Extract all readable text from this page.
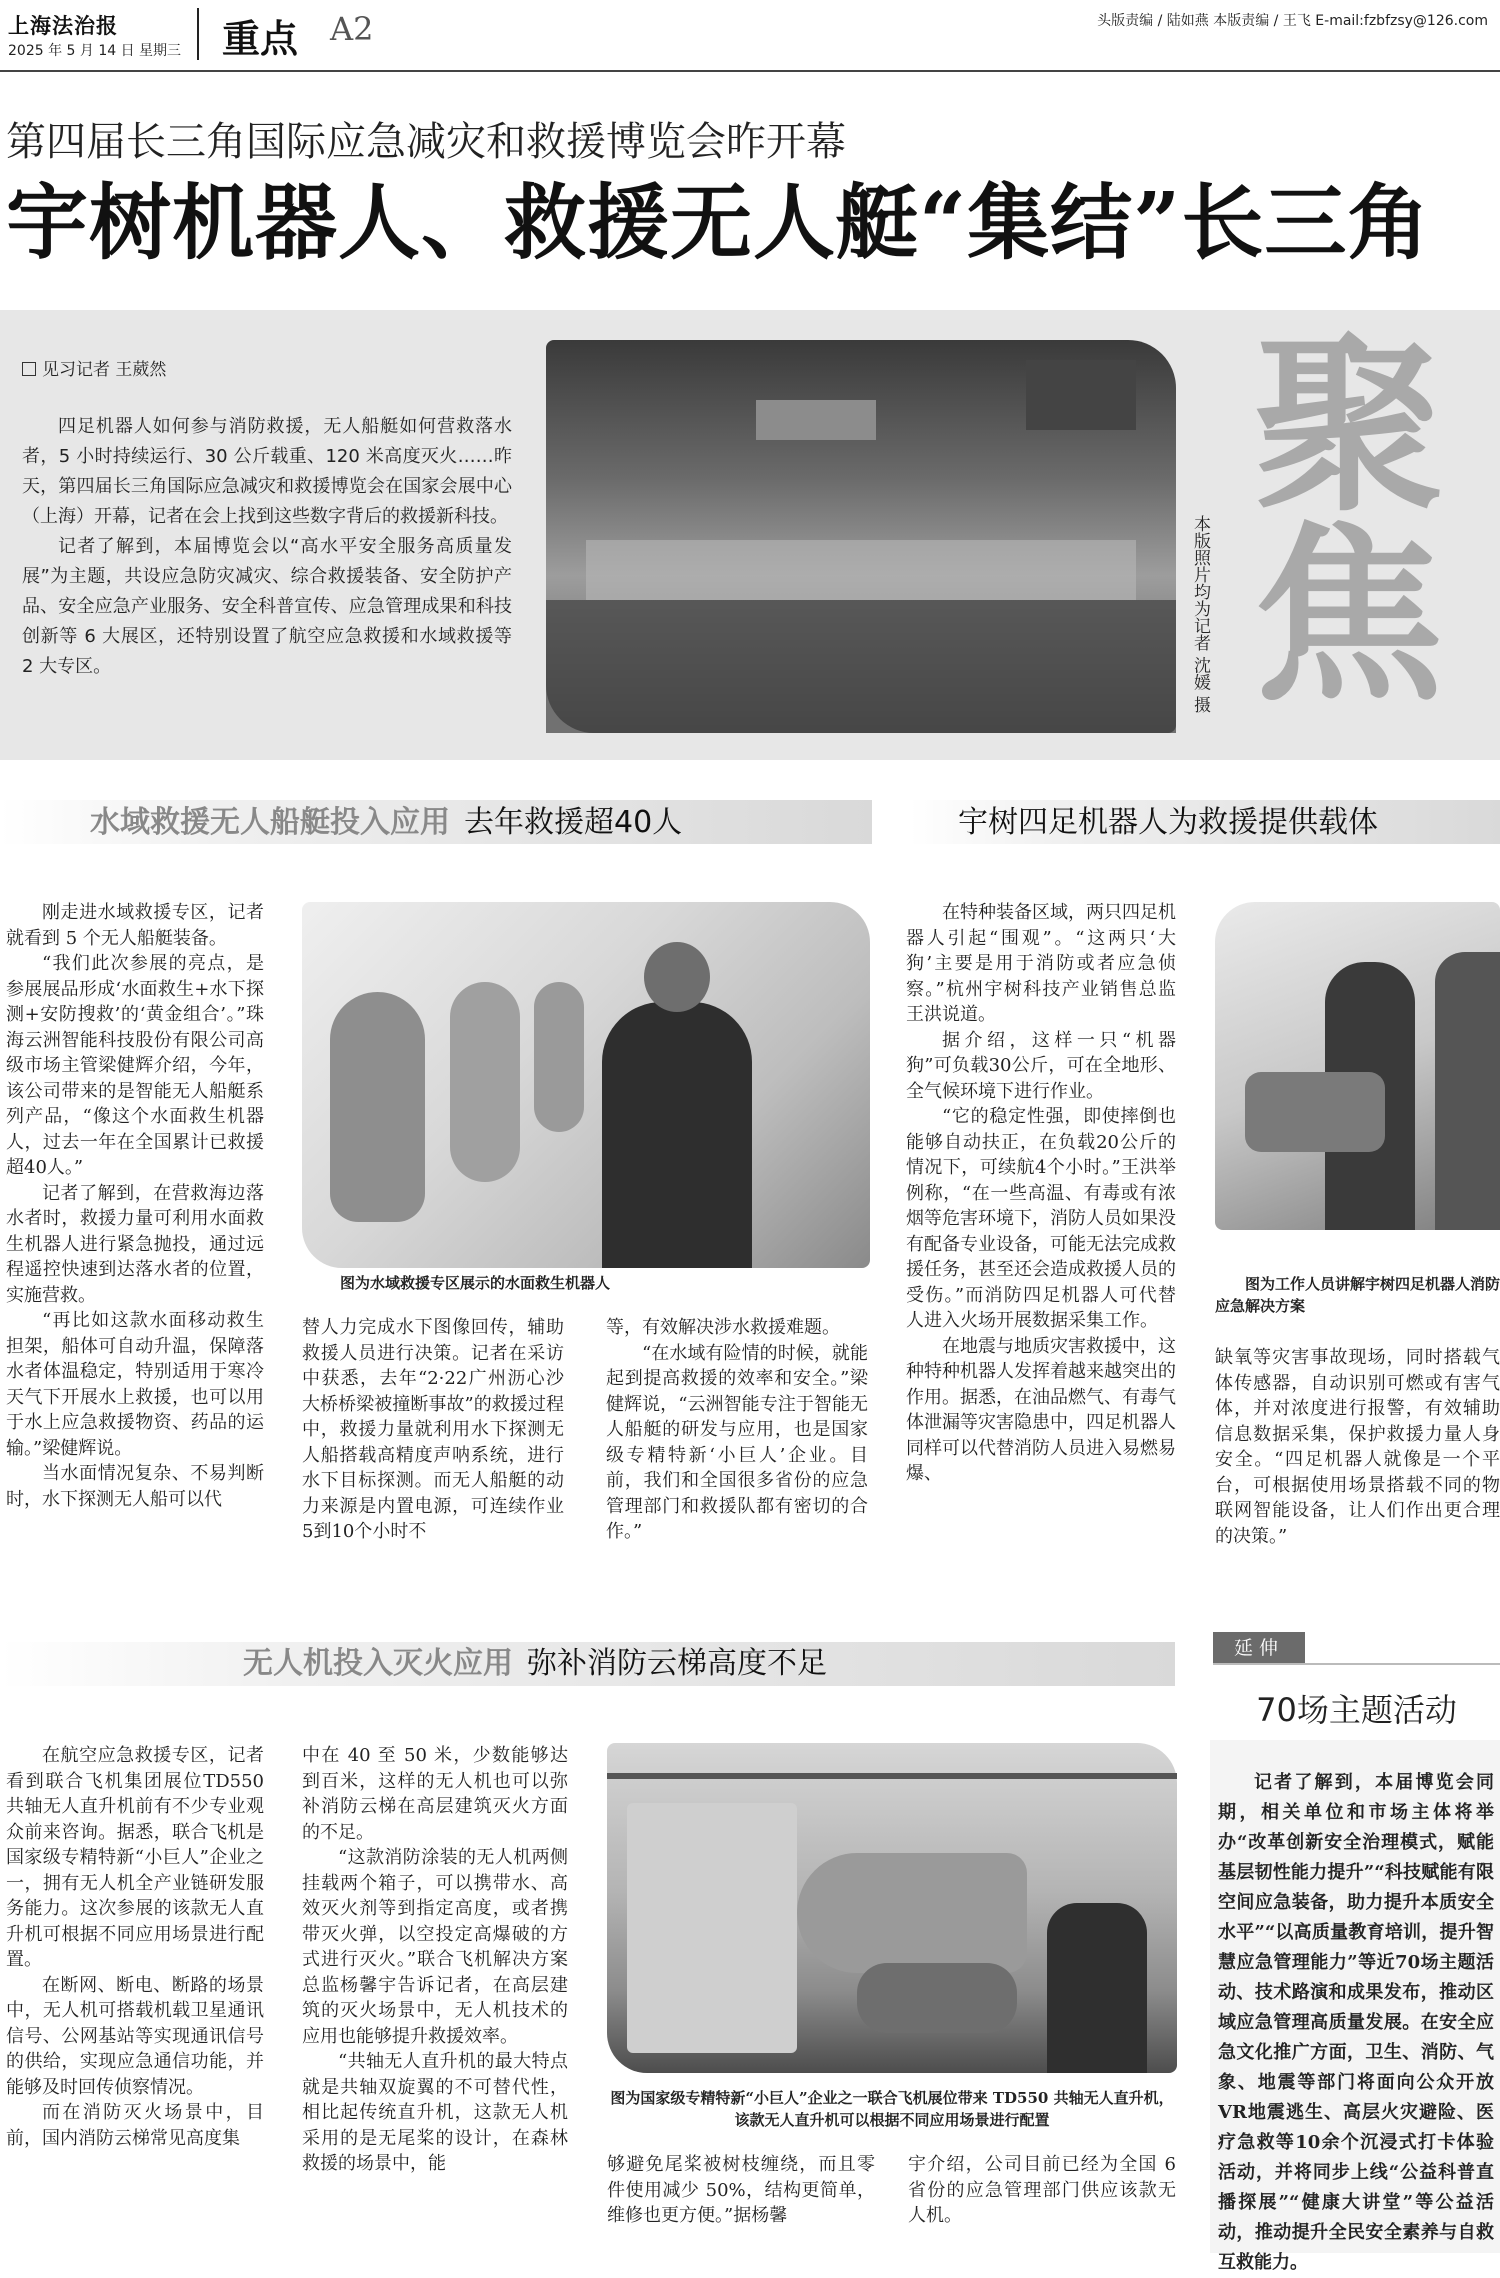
上海法治报
2025 年 5 月 14 日 星期三 重点 A2	头版责编 / 陆如燕 本版责编 / 王飞 E-mail:fzbfzsy@126.com
第四届长三角国际应急减灾和救援博览会昨开幕
宇树机器人、救援无人艇“集结”长三角
见习记者 王葳然

四足机器人如何参与消防救援，无人船艇如何营救落水者，5 小时持续运行、30 公斤载重、120 米高度灭火……昨天，第四届长三角国际应急减灾和救援博览会在国家会展中心（上海）开幕，记者在会上找到这些数字背后的救援新科技。

记者了解到，本届博览会以“高水平安全服务高质量发展”为主题，共设应急防灾减灾、综合救援装备、安全防护产品、安全应急产业服务、安全科普宣传、应急管理成果和科技创新等 6 大展区，还特别设置了航空应急救援和水域救援等 2 大专区。	本版照片均为记者 沈媛 摄 聚焦
水域救援无人船艇投入应用 去年救援超40人	宇树四足机器人为救援提供载体

刚走进水域救援专区，记者就看到 5 个无人船艇装备。

“我们此次参展的亮点，是参展展品形成‘水面救生+水下探测+安防搜救’的‘黄金组合’。”珠海云洲智能科技股份有限公司高级市场主管梁健辉介绍，今年，该公司带来的是智能无人船艇系列产品，“像这个水面救生机器人，过去一年在全国累计已救援超40人。”

记者了解到，在营救海边落水者时，救援力量可利用水面救生机器人进行紧急抛投，通过远程遥控快速到达落水者的位置，实施营救。

“再比如这款水面移动救生担架，船体可自动升温，保障落水者体温稳定，特别适用于寒冷天气下开展水上救援，也可以用于水上应急救援物资、药品的运输。”梁健辉说。

当水面情况复杂、不易判断时，水下探测无人船可以代

图为水域救援专区展示的水面救生机器人

替人力完成水下图像回传，辅助救援人员进行决策。记者在采访中获悉，去年“2·22广州沥心沙大桥桥梁被撞断事故”的救援过程中，救援力量就利用水下探测无人船搭载高精度声呐系统，进行水下目标探测。而无人船艇的动力来源是内置电源，可连续作业5到10个小时不

等，有效解决涉水救援难题。

“在水域有险情的时候，就能起到提高救援的效率和安全。”梁健辉说，“云洲智能专注于智能无人船艇的研发与应用，也是国家级专精特新‘小巨人’企业。目前，我们和全国很多省份的应急管理部门和救援队都有密切的合作。”

在特种装备区域，两只四足机器人引起“围观”。“这两只‘大狗’主要是用于消防或者应急侦察。”杭州宇树科技产业销售总监王洪说道。

据介绍，这样一只“机器狗”可负载30公斤，可在全地形、全气候环境下进行作业。

“它的稳定性强，即使摔倒也能够自动扶正，在负载20公斤的情况下，可续航4个小时。”王洪举例称，“在一些高温、有毒或有浓烟等危害环境下，消防人员如果没有配备专业设备，可能无法完成救援任务，甚至还会造成救援人员的受伤。”而消防四足机器人可代替人进入火场开展数据采集工作。

在地震与地质灾害救援中，这种特种机器人发挥着越来越突出的作用。据悉，在油品燃气、有毒气体泄漏等灾害隐患中，四足机器人同样可以代替消防人员进入易燃易爆、

图为工作人员讲解宇树四足机器人消防应急解决方案

缺氧等灾害事故现场，同时搭载气体传感器，自动识别可燃或有害气体，并对浓度进行报警，有效辅助信息数据采集，保护救援力量人身安全。“四足机器人就像是一个平台，可根据使用场景搭载不同的物联网智能设备，让人们作出更合理的决策。”

无人机投入灭火应用 弥补消防云梯高度不足

在航空应急救援专区，记者看到联合飞机集团展位TD550共轴无人直升机前有不少专业观众前来咨询。据悉，联合飞机是国家级专精特新“小巨人”企业之一，拥有无人机全产业链研发服务能力。这次参展的该款无人直升机可根据不同应用场景进行配置。

在断网、断电、断路的场景中，无人机可搭载机载卫星通讯信号、公网基站等实现通讯信号的供给，实现应急通信功能，并能够及时回传侦察情况。

而在消防灭火场景中，目前，国内消防云梯常见高度集

中在 40 至 50 米，少数能够达到百米，这样的无人机也可以弥补消防云梯在高层建筑灭火方面的不足。

“这款消防涂装的无人机两侧挂载两个箱子，可以携带水、高效灭火剂等到指定高度，或者携带灭火弹，以空投定高爆破的方式进行灭火。”联合飞机解决方案总监杨馨宇告诉记者，在高层建筑的灭火场景中，无人机技术的应用也能够提升救援效率。

“共轴无人直升机的最大特点就是共轴双旋翼的不可替代性，相比起传统直升机，这款无人机采用的是无尾桨的设计，在森林救援的场景中，能

图为国家级专精特新“小巨人”企业之一联合飞机展位带来 TD550 共轴无人直升机，该款无人直升机可以根据不同应用场景进行配置

够避免尾桨被树枝缠绕，而且零件使用减少 50%，结构更简单，维修也更方便。”据杨馨

宇介绍，公司目前已经为全国 6 省份的应急管理部门供应该款无人机。

延伸
70场主题活动

记者了解到，本届博览会同期，相关单位和市场主体将举办“改革创新安全治理模式，赋能基层韧性能力提升”“科技赋能有限空间应急装备，助力提升本质安全水平”“以高质量教育培训，提升智慧应急管理能力”等近70场主题活动、技术路演和成果发布，推动区域应急管理高质量发展。在安全应急文化推广方面，卫生、消防、气象、地震等部门将面向公众开放VR地震逃生、高层火灾避险、医疗急救等10余个沉浸式打卡体验活动，并将同步上线“公益科普直播探展”“健康大讲堂”等公益活动，推动提升全民安全素养与自救互救能力。
